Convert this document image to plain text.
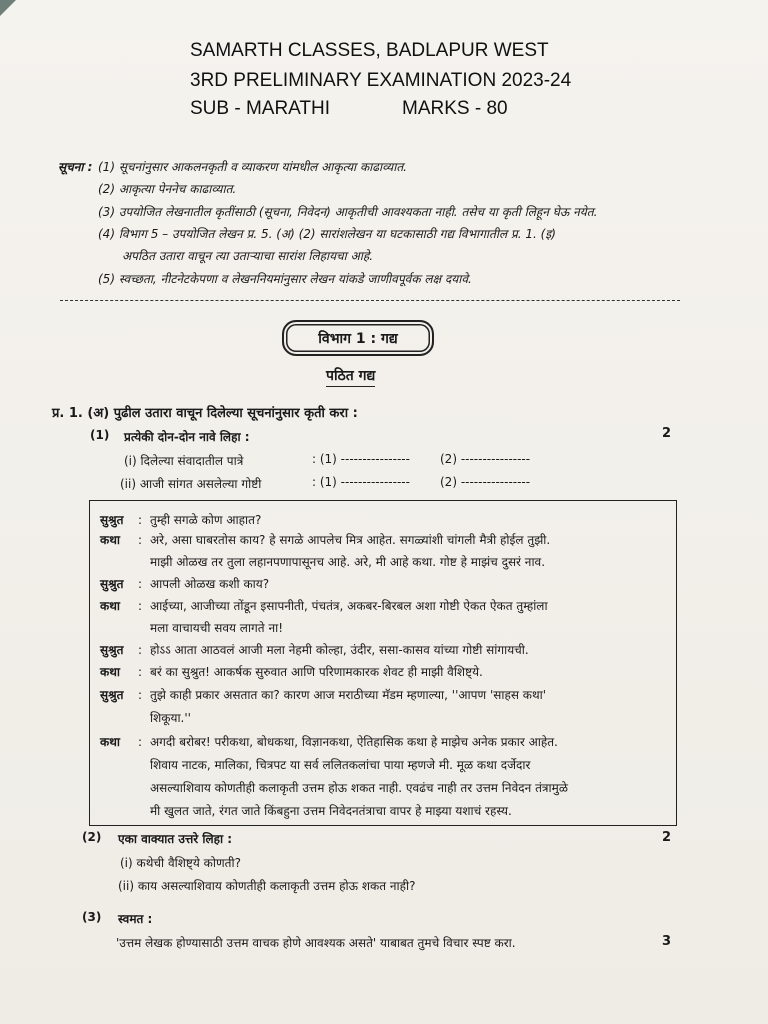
SAMARTH CLASSES, BADLAPUR WEST
3RD PRELIMINARY EXAMINATION 2023-24
SUB - MARATHI	MARKS - 80
सूचना : (1) सूचनांनुसार आकलनकृती व व्याकरण यांमधील आकृत्या काढाव्यात.
(2) आकृत्या पेननेच काढाव्यात.
(3) उपयोजित लेखनातील कृतींसाठी (सूचना, निवेदन) आकृतीची आवश्यकता नाही. तसेच या कृती लिहून घेऊ नयेत.
(4) विभाग 5 – उपयोजित लेखन प्र. 5. (अ) (2) सारांशलेखन या घटकासाठी गद्य विभागातील प्र. 1. (इ)
अपठित उतारा वाचून त्या उताऱ्याचा सारांश लिहायचा आहे.
(5) स्वच्छता, नीटनेटकेपणा व लेखननियमांनुसार लेखन यांकडे जाणीवपूर्वक लक्ष दयावे.
विभाग 1 : गद्य
पठित गद्य
प्र. 1. (अ) पुढील उतारा वाचून दिलेल्या सूचनांनुसार कृती करा :
(1) प्रत्येकी दोन-दोन नावे लिहा :	2
(i) दिलेल्या संवादातील पात्रे	: (1) ----------------	(2) ----------------
(ii) आजी सांगत असलेल्या गोष्टी	: (1) ----------------	(2) ----------------
सुश्रुत : तुम्ही सगळे कोण आहात?
कथा : अरे, असा घाबरतोस काय? हे सगळे आपलेच मित्र आहेत. सगळ्यांशी चांगली मैत्री होईल तुझी.
माझी ओळख तर तुला लहानपणापासूनच आहे. अरे, मी आहे कथा. गोष्ट हे माझंच दुसरं नाव.
सुश्रुत : आपली ओळख कशी काय?
कथा : आईच्या, आजीच्या तोंडून इसापनीती, पंचतंत्र, अकबर-बिरबल अशा गोष्टी ऐकत ऐकत तुम्हांला
मला वाचायची सवय लागते ना!
सुश्रुत : होऽऽ आता आठवलं आजी मला नेहमी कोल्हा, उंदीर, ससा-कासव यांच्या गोष्टी सांगायची.
कथा : बरं का सुश्रुत! आकर्षक सुरुवात आणि परिणामकारक शेवट ही माझी वैशिष्ट्ये.
सुश्रुत : तुझे काही प्रकार असतात का? कारण आज मराठीच्या मॅडम म्हणाल्या, ''आपण 'साहस कथा'
शिकूया.''
कथा : अगदी बरोबर! परीकथा, बोधकथा, विज्ञानकथा, ऐतिहासिक कथा हे माझेच अनेक प्रकार आहेत.
शिवाय नाटक, मालिका, चित्रपट या सर्व ललितकलांचा पाया म्हणजे मी. मूळ कथा दर्जेदार
असल्याशिवाय कोणतीही कलाकृती उत्तम होऊ शकत नाही. एवढंच नाही तर उत्तम निवेदन तंत्रामुळे
मी खुलत जाते, रंगत जाते किंबहुना उत्तम निवेदनतंत्राचा वापर हे माझ्या यशाचं रहस्य.
(2) एका वाक्यात उत्तरे लिहा :	2
(i) कथेची वैशिष्ट्ये कोणती?
(ii) काय असल्याशिवाय कोणतीही कलाकृती उत्तम होऊ शकत नाही?
(3) स्वमत :
'उत्तम लेखक होण्यासाठी उत्तम वाचक होणे आवश्यक असते' याबाबत तुमचे विचार स्पष्ट करा.	3
